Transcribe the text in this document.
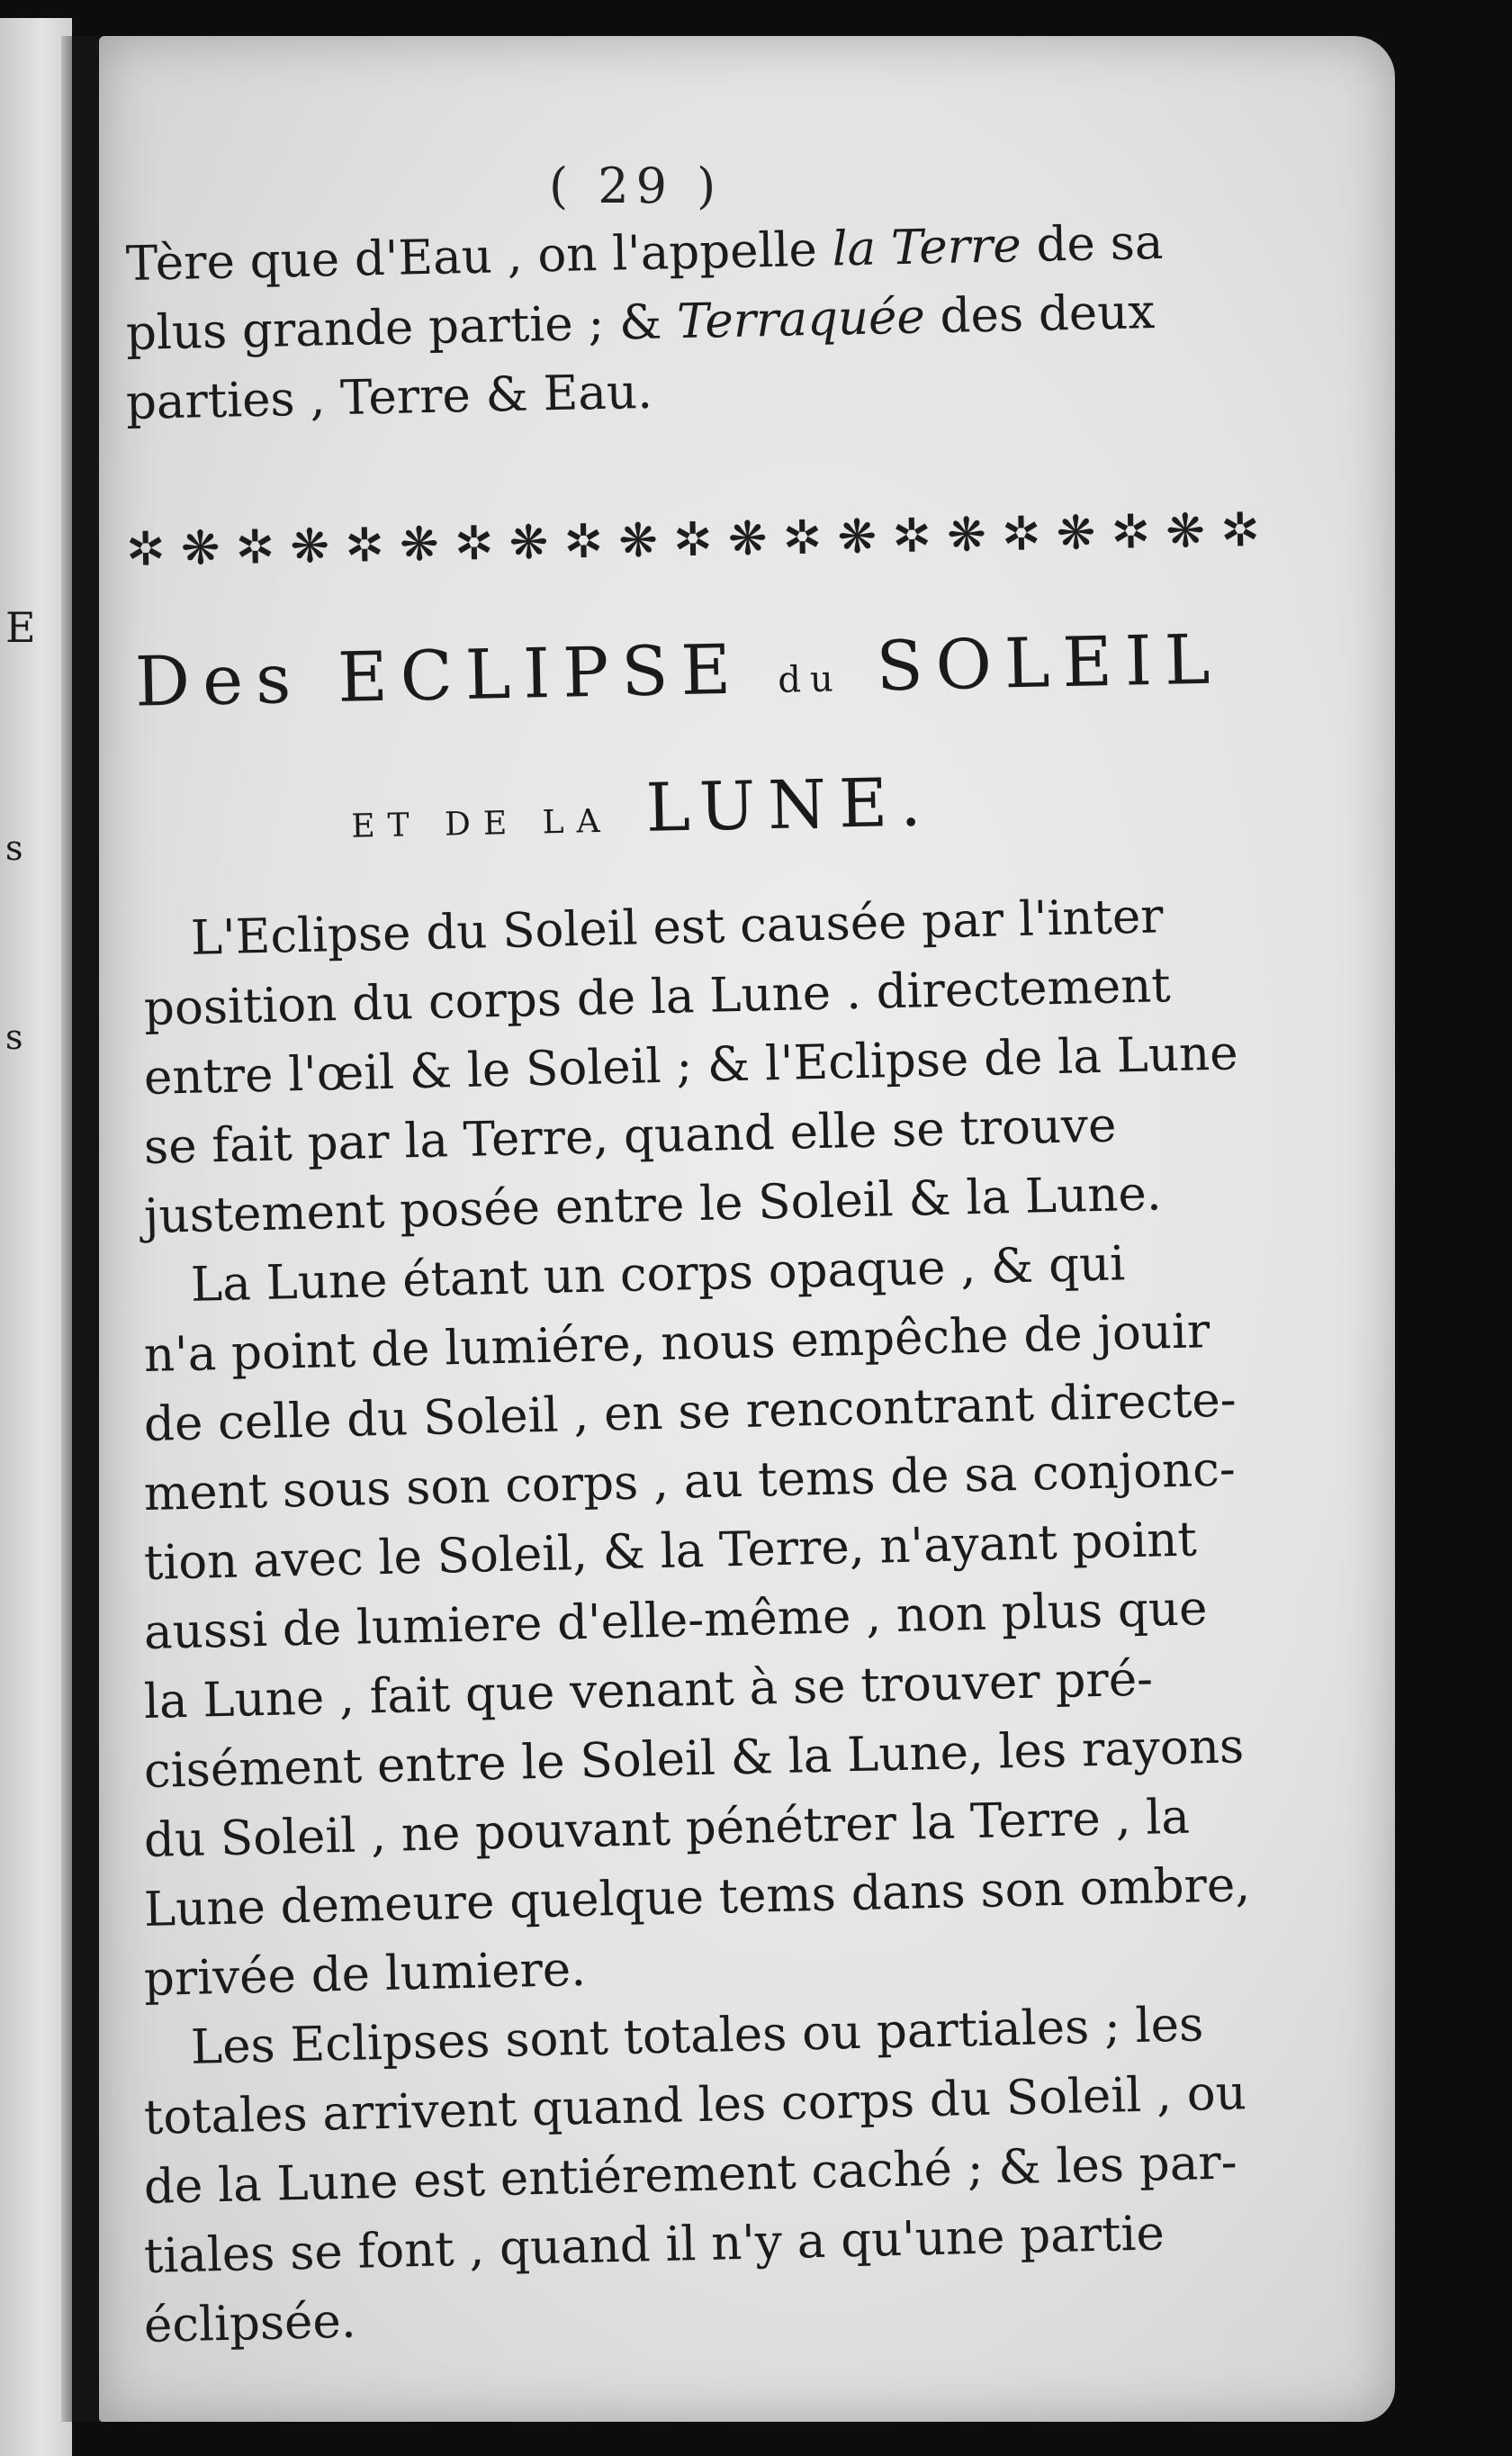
E
s
s
( 29 )
Tère que d'Eau , on l'appelle la Terre de sa
plus grande partie ; & Terraquée des deux
parties , Terre & Eau.
✲ ❋ ✲ ❋ ✲ ❋ ✲ ❋ ✲ ❋ ✲ ❋ ✲ ❋ ✲ ❋ ✲ ❋ ✲ ❋ ✲
Des ECLIPSE du SOLEIL
ET DE LA LUNE.
L'Eclipse du Soleil est causée par l'inter
position du corps de la Lune . directement
entre l'œil & le Soleil ; & l'Eclipse de la Lune
se fait par la Terre, quand elle se trouve
justement posée entre le Soleil & la Lune.
La Lune étant un corps opaque , & qui
n'a point de lumiére, nous empêche de jouir
de celle du Soleil , en se rencontrant directe-
ment sous son corps , au tems de sa conjonc-
tion avec le Soleil, & la Terre, n'ayant point
aussi de lumiere d'elle-même , non plus que
la Lune , fait que venant à se trouver pré-
cisément entre le Soleil & la Lune, les rayons
du Soleil , ne pouvant pénétrer la Terre , la
Lune demeure quelque tems dans son ombre,
privée de lumiere.
Les Eclipses sont totales ou partiales ; les
totales arrivent quand les corps du Soleil , ou
de la Lune est entiérement caché ; & les par-
tiales se font , quand il n'y a qu'une partie
éclipsée.
